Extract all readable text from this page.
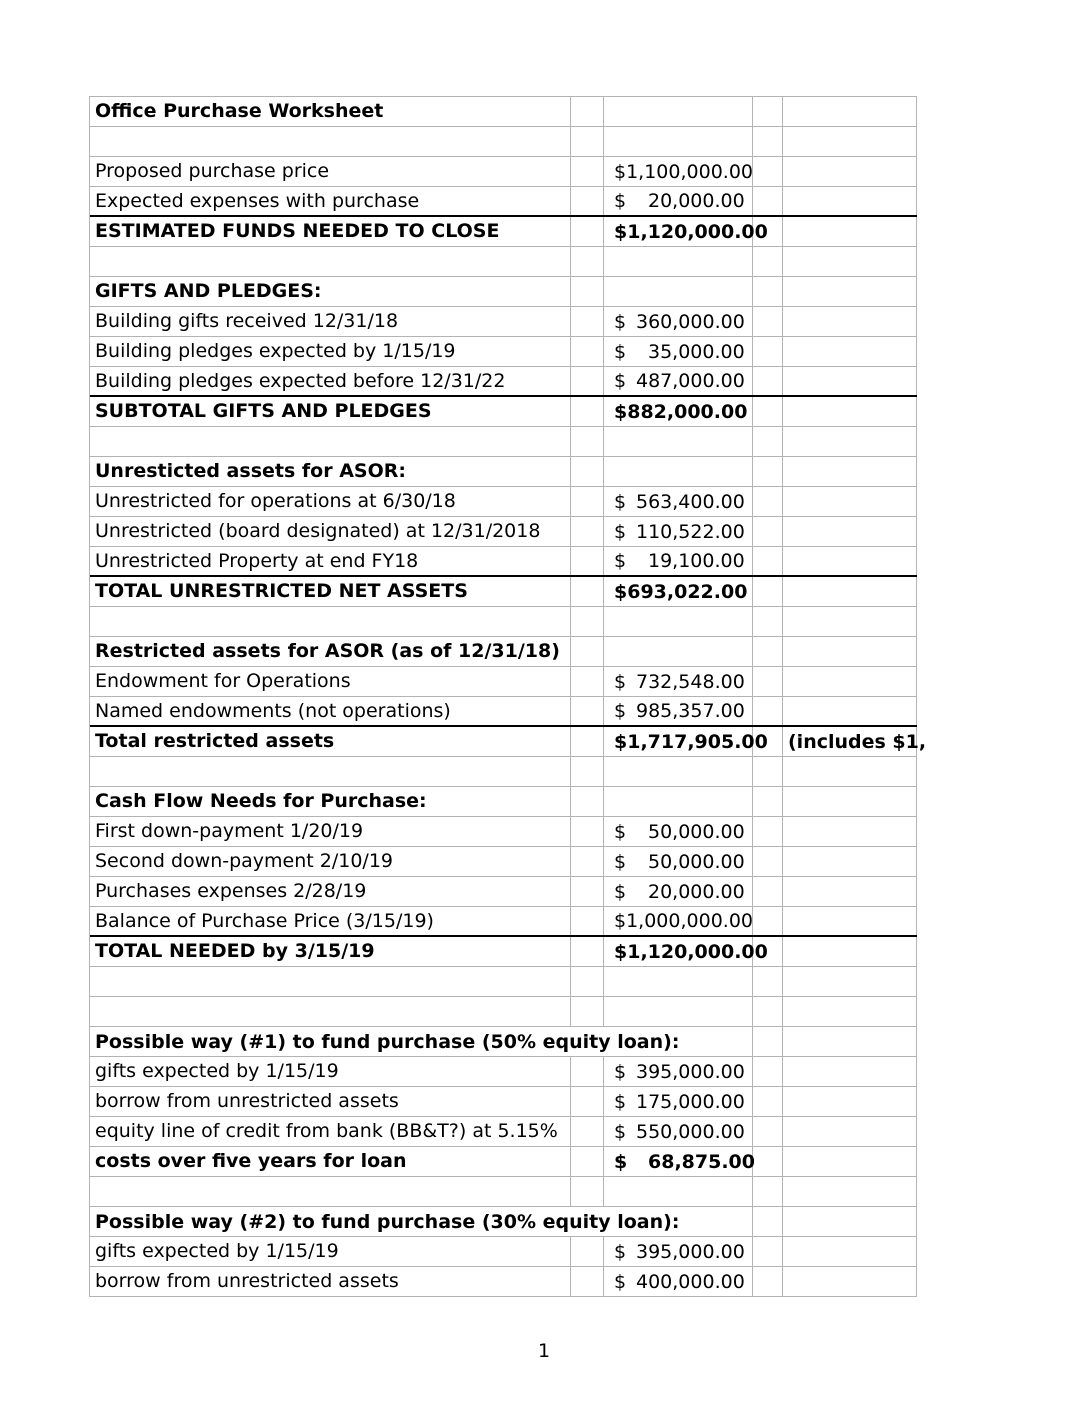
Office Purchase Worksheet
Proposed purchase price	$1,100,000.00
Expected expenses with purchase	$ 20,000.00
ESTIMATED FUNDS NEEDED TO CLOSE	$1,120,000.00
GIFTS AND PLEDGES:
Building gifts received 12/31/18	$ 360,000.00
Building pledges expected by 1/15/19	$ 35,000.00
Building pledges expected before 12/31/22	$ 487,000.00
SUBTOTAL GIFTS AND PLEDGES	$882,000.00
Unresticted assets for ASOR:
Unrestricted for operations at 6/30/18	$ 563,400.00
Unrestricted (board designated) at 12/31/2018	$ 110,522.00
Unrestricted Property at end FY18	$ 19,100.00
TOTAL UNRESTRICTED NET ASSETS	$693,022.00
Restricted assets for ASOR (as of 12/31/18)
Endowment for Operations	$ 732,548.00
Named endowments (not operations)	$ 985,357.00
Total restricted assets	$1,717,905.00 (includes $1,
Cash Flow Needs for Purchase:
First down-payment 1/20/19	$ 50,000.00
Second down-payment 2/10/19	$ 50,000.00
Purchases expenses 2/28/19	$ 20,000.00
Balance of Purchase Price (3/15/19)	$1,000,000.00
TOTAL NEEDED by 3/15/19	$1,120,000.00
Possible way (#1) to fund purchase (50% equity loan):
gifts expected by 1/15/19	$ 395,000.00
borrow from unrestricted assets	$ 175,000.00
equity line of credit from bank (BB&T?) at 5.15%	$ 550,000.00
costs over five years for loan	$ 68,875.00
Possible way (#2) to fund purchase (30% equity loan):
gifts expected by 1/15/19	$ 395,000.00
borrow from unrestricted assets	$ 400,000.00
1
